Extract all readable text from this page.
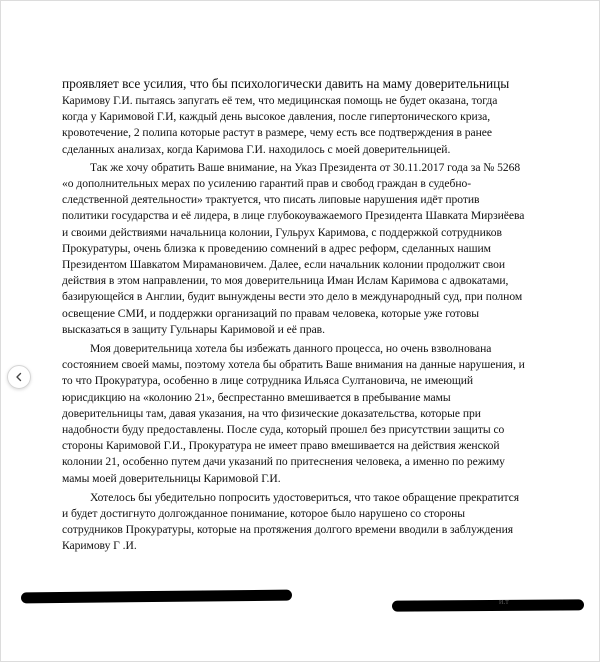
проявляет все усилия, что бы психологически давить на маму доверительницы
Каримову Г.И. пытаясь запугать её тем, что медицинская помощь не будет оказана, тогда
когда у Каримовой Г.И, каждый день высокое давления, после гипертонического криза,
кровотечение, 2 полипа которые растут в размере, чему есть все подтверждения в ранее
сделанных анализах, когда Каримова Г.И. находилось с моей доверительницей.

Так же хочу обратить Ваше внимание, на Указ Президента от 30.11.2017 года за № 5268
«о дополнительных мерах по усилению гарантий прав и свобод граждан в судебно-
следственной деятельности» трактуется, что писать липовые нарушения идёт против
политики государства и её лидера, в лице глубокоуважаемого Президента Шавката Мирзиёева
и своими действиями начальница колонии, Гульрух Каримова, с поддержкой сотрудников
Прокуратуры, очень близка к проведению сомнений в адрес реформ, сделанных нашим
Президентом Шавкатом Мирамановичем. Далее, если начальник колонии продолжит свои
действия в этом направлении, то моя доверительница Иман Ислам Каримова с адвокатами,
базирующейся в Англии, будит вынуждены вести это дело в международный суд, при полном
освещение СМИ, и поддержки организаций по правам человека, которые уже готовы
высказаться в защиту Гульнары Каримовой и её прав.

Моя доверительница хотела бы избежать данного процесса, но очень взволнована
состоянием своей мамы, поэтому хотела бы обратить Ваше внимания на данные нарушения, и
то что Прокуратура, особенно в лице сотрудника Ильяса Султановича, не имеющий
юрисдикцию на «колонию 21», беспрестанно вмешивается в пребывание мамы
доверительницы там, давая указания, на что физические доказательства, которые при
надобности буду предоставлены. После суда, который прошел без присутствии защиты со
стороны Каримовой Г.И., Прокуратура не имеет право вмешивается на действия женской
колонии 21, особенно путем дачи указаний по притеснения человека, а именно по режиму
мамы моей доверительницы Каримовой Г.И.

Хотелось бы убедительно попросить удостовериться, что такое обращение прекратится
и будет достигнуто долгожданное понимание, которое было нарушено со стороны
сотрудников Прокуратуры, которые на протяжения долгого времени вводили в заблуждения
Каримову Г .И.

и.т
